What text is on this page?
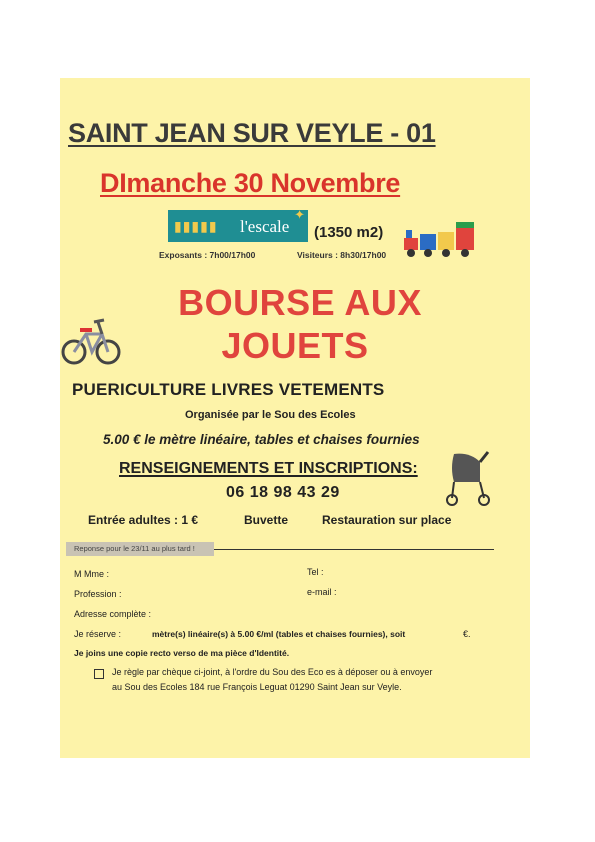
SAINT JEAN SUR VEYLE - 01
DImanche 30 Novembre
▮▮▮▮▮ l'escale
✦
(1350 m2)
Exposants : 7h00/17h00	Visiteurs : 8h30/17h00
BOURSE AUX
JOUETS
PUERICULTURE LIVRES VETEMENTS
Organisée par le Sou des Ecoles
5.00 € le mètre linéaire, tables et chaises fournies
RENSEIGNEMENTS ET INSCRIPTIONS:
06 18 98 43 29
Entrée adultes : 1 €	Buvette	Restauration sur place
Reponse pour le 23/11 au plus tard !
M Mme :	Tel :
Profession :	e-mail :
Adresse complète :
Je réserve :	mètre(s) linéaire(s) à 5.00 €/ml (tables et chaises fournies), soit	€.
Je joins une copie recto verso de ma pièce d'Identité.
Je règle par chèque ci-joint, à l'ordre du Sou des Eco es à déposer ou à envoyer
au Sou des Ecoles 184 rue François Leguat 01290 Saint Jean sur Veyle.
